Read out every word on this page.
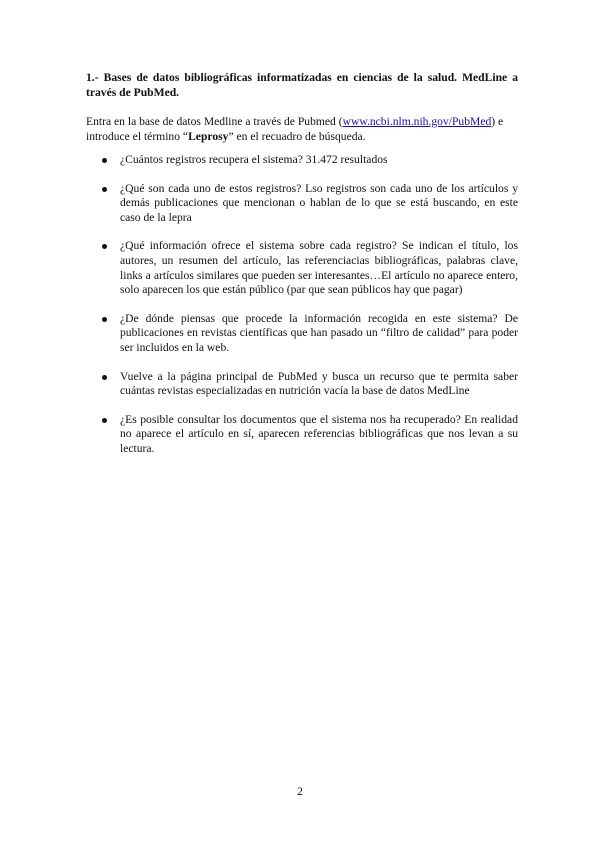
1.- Bases de datos bibliográficas informatizadas en ciencias de la salud. MedLine a través de PubMed.

Entra en la base de datos Medline a través de Pubmed (www.ncbi.nlm.nih.gov/PubMed) e introduce el término “Leprosy” en el recuadro de búsqueda.

¿Cuántos registros recupera el sistema? 31.472 resultados
¿Qué son cada uno de estos registros? Lso registros son cada uno de los artículos y demás publicaciones que mencionan o hablan de lo que se está buscando, en este caso de la lepra
¿Qué información ofrece el sistema sobre cada registro? Se indican el título, los autores, un resumen del artículo, las referenciacias bibliográficas, palabras clave, links a artículos similares que pueden ser interesantes…El artículo no aparece entero, solo aparecen los que están público (par que sean públicos hay que pagar)
¿De dónde piensas que procede la información recogida en este sistema? De publicaciones en revistas científicas que han pasado un “filtro de calidad” para poder ser incluidos en la web.
Vuelve a la página principal de PubMed y busca un recurso que te permita saber cuántas revistas especializadas en nutrición vacía la base de datos MedLine
¿Es posible consultar los documentos que el sistema nos ha recuperado? En realidad no aparece el artículo en sí, aparecen referencias bibliográficas que nos levan a su lectura.

2
